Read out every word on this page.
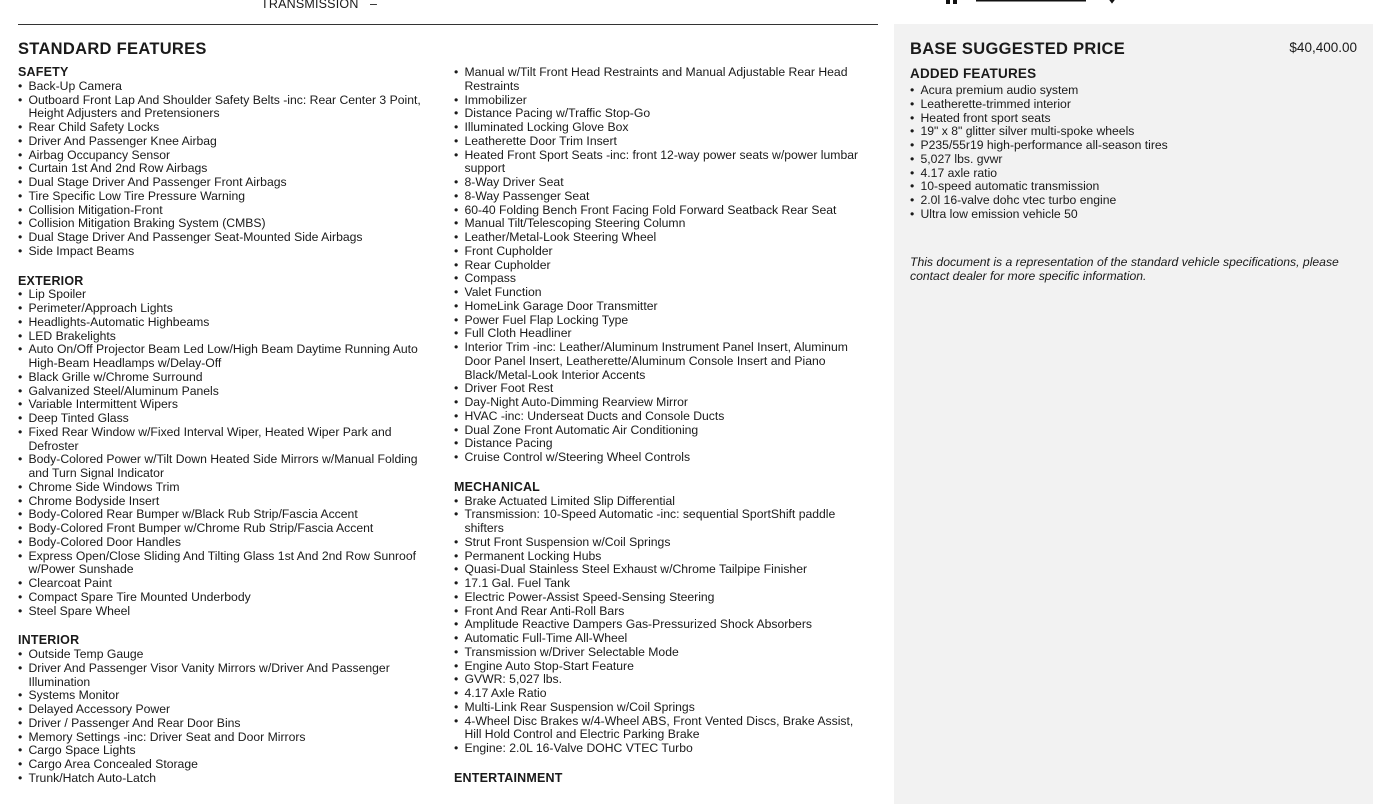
TRANSMISSION –
STANDARD FEATURES
SAFETY
• Back-Up Camera
• Outboard Front Lap And Shoulder Safety Belts -inc: Rear Center 3 Point, Height Adjusters and Pretensioners
• Rear Child Safety Locks
• Driver And Passenger Knee Airbag
• Airbag Occupancy Sensor
• Curtain 1st And 2nd Row Airbags
• Dual Stage Driver And Passenger Front Airbags
• Tire Specific Low Tire Pressure Warning
• Collision Mitigation-Front
• Collision Mitigation Braking System (CMBS)
• Dual Stage Driver And Passenger Seat-Mounted Side Airbags
• Side Impact Beams
EXTERIOR
• Lip Spoiler
• Perimeter/Approach Lights
• Headlights-Automatic Highbeams
• LED Brakelights
• Auto On/Off Projector Beam Led Low/High Beam Daytime Running Auto High-Beam Headlamps w/Delay-Off
• Black Grille w/Chrome Surround
• Galvanized Steel/Aluminum Panels
• Variable Intermittent Wipers
• Deep Tinted Glass
• Fixed Rear Window w/Fixed Interval Wiper, Heated Wiper Park and Defroster
• Body-Colored Power w/Tilt Down Heated Side Mirrors w/Manual Folding and Turn Signal Indicator
• Chrome Side Windows Trim
• Chrome Bodyside Insert
• Body-Colored Rear Bumper w/Black Rub Strip/Fascia Accent
• Body-Colored Front Bumper w/Chrome Rub Strip/Fascia Accent
• Body-Colored Door Handles
• Express Open/Close Sliding And Tilting Glass 1st And 2nd Row Sunroof w/Power Sunshade
• Clearcoat Paint
• Compact Spare Tire Mounted Underbody
• Steel Spare Wheel
INTERIOR
• Outside Temp Gauge
• Driver And Passenger Visor Vanity Mirrors w/Driver And Passenger Illumination
• Systems Monitor
• Delayed Accessory Power
• Driver / Passenger And Rear Door Bins
• Memory Settings -inc: Driver Seat and Door Mirrors
• Cargo Space Lights
• Cargo Area Concealed Storage
• Trunk/Hatch Auto-Latch
• Manual w/Tilt Front Head Restraints and Manual Adjustable Rear Head Restraints
• Immobilizer
• Distance Pacing w/Traffic Stop-Go
• Illuminated Locking Glove Box
• Leatherette Door Trim Insert
• Heated Front Sport Seats -inc: front 12-way power seats w/power lumbar support
• 8-Way Driver Seat
• 8-Way Passenger Seat
• 60-40 Folding Bench Front Facing Fold Forward Seatback Rear Seat
• Manual Tilt/Telescoping Steering Column
• Leather/Metal-Look Steering Wheel
• Front Cupholder
• Rear Cupholder
• Compass
• Valet Function
• HomeLink Garage Door Transmitter
• Power Fuel Flap Locking Type
• Full Cloth Headliner
• Interior Trim -inc: Leather/Aluminum Instrument Panel Insert, Aluminum Door Panel Insert, Leatherette/Aluminum Console Insert and Piano Black/Metal-Look Interior Accents
• Driver Foot Rest
• Day-Night Auto-Dimming Rearview Mirror
• HVAC -inc: Underseat Ducts and Console Ducts
• Dual Zone Front Automatic Air Conditioning
• Distance Pacing
• Cruise Control w/Steering Wheel Controls
MECHANICAL
• Brake Actuated Limited Slip Differential
• Transmission: 10-Speed Automatic -inc: sequential SportShift paddle shifters
• Strut Front Suspension w/Coil Springs
• Permanent Locking Hubs
• Quasi-Dual Stainless Steel Exhaust w/Chrome Tailpipe Finisher
• 17.1 Gal. Fuel Tank
• Electric Power-Assist Speed-Sensing Steering
• Front And Rear Anti-Roll Bars
• Amplitude Reactive Dampers Gas-Pressurized Shock Absorbers
• Automatic Full-Time All-Wheel
• Transmission w/Driver Selectable Mode
• Engine Auto Stop-Start Feature
• GVWR: 5,027 lbs.
• 4.17 Axle Ratio
• Multi-Link Rear Suspension w/Coil Springs
• 4-Wheel Disc Brakes w/4-Wheel ABS, Front Vented Discs, Brake Assist, Hill Hold Control and Electric Parking Brake
• Engine: 2.0L 16-Valve DOHC VTEC Turbo
ENTERTAINMENT
BASE SUGGESTED PRICE	$40,400.00
ADDED FEATURES
• Acura premium audio system
• Leatherette-trimmed interior
• Heated front sport seats
• 19" x 8" glitter silver multi-spoke wheels
• P235/55r19 high-performance all-season tires
• 5,027 lbs. gvwr
• 4.17 axle ratio
• 10-speed automatic transmission
• 2.0l 16-valve dohc vtec turbo engine
• Ultra low emission vehicle 50
This document is a representation of the standard vehicle specifications, please contact dealer for more specific information.
